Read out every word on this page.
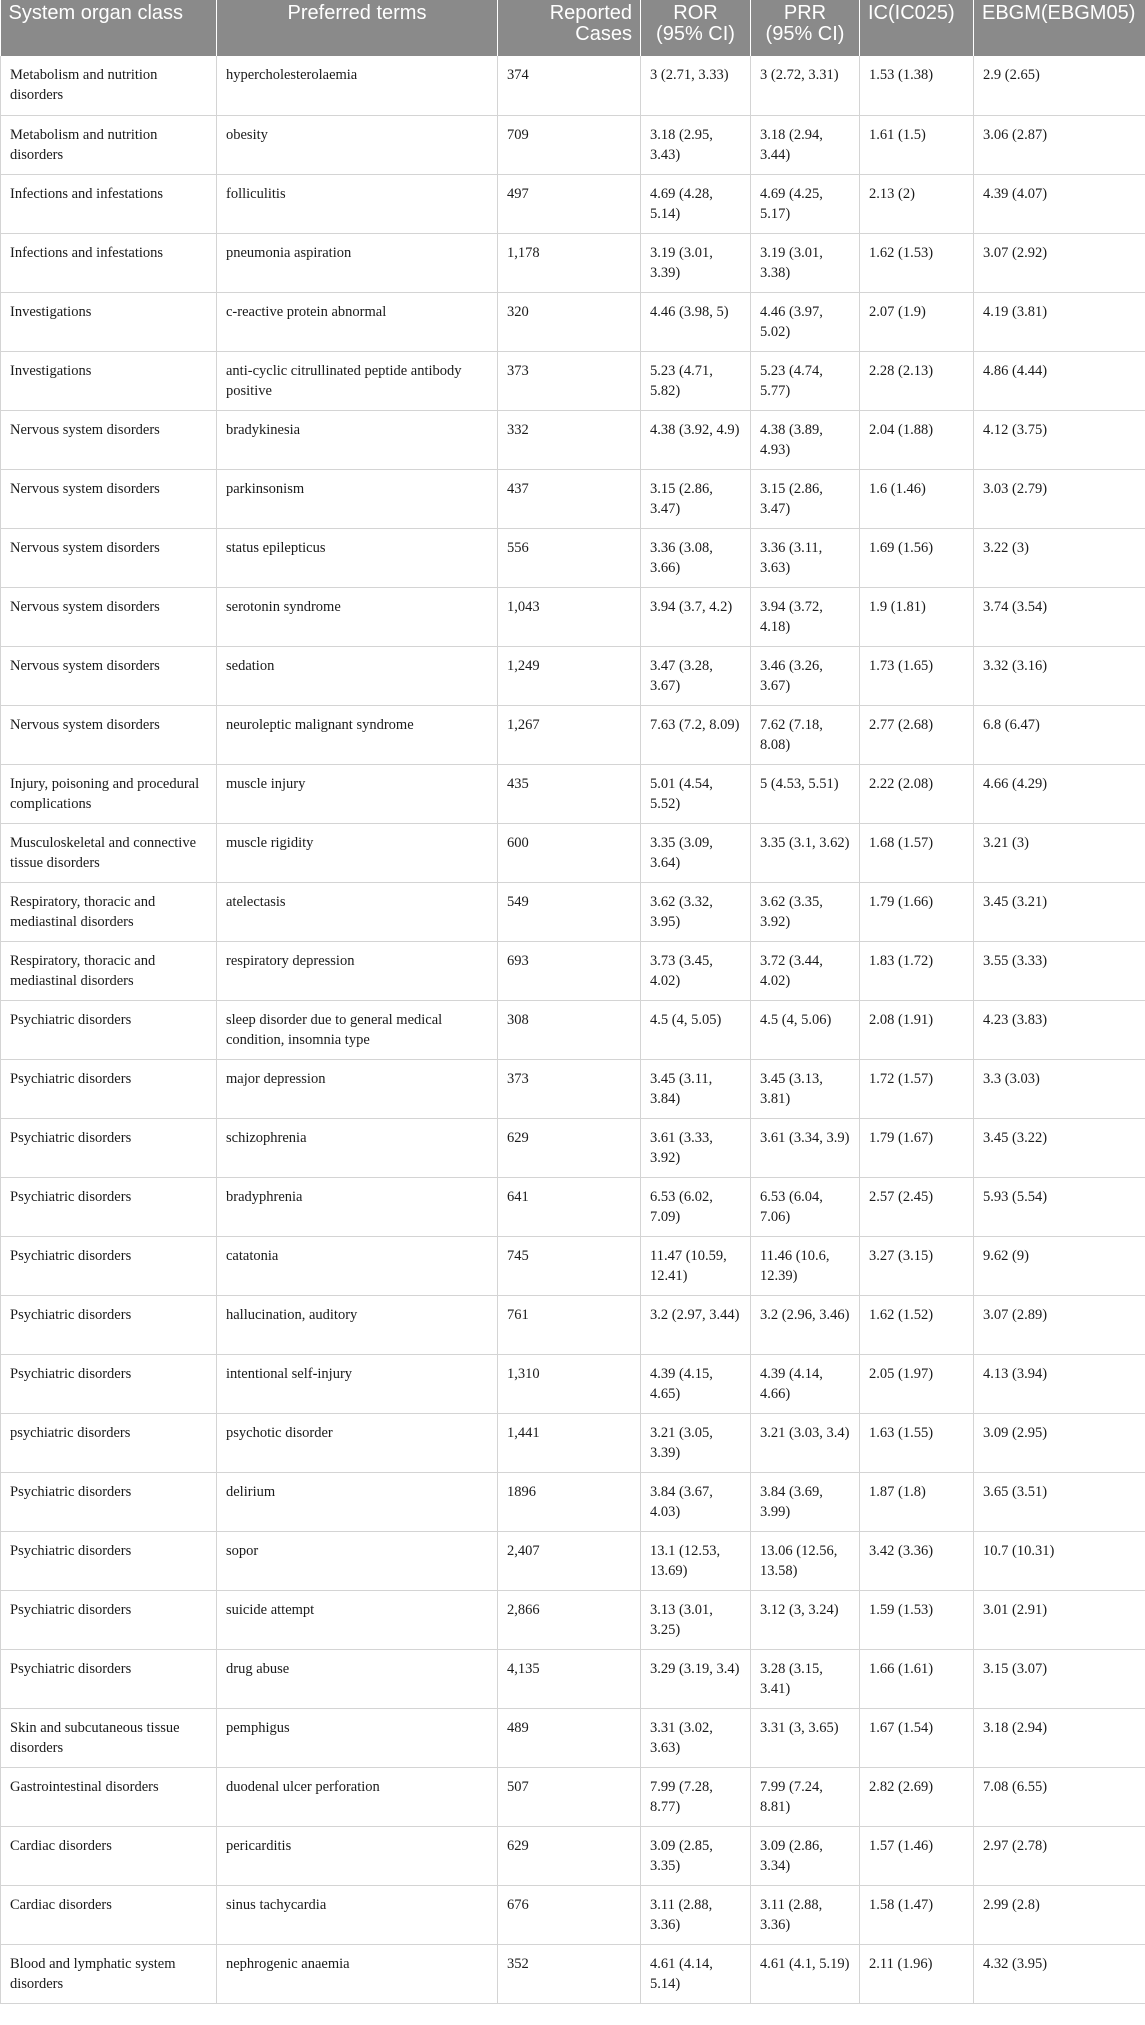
System organ class	Preferred terms	Reported Cases	ROR (95% CI)	PRR (95% CI)	IC(IC025)	EBGM(EBGM05)
Metabolism and nutrition disorders	hypercholesterolaemia	374	3 (2.71, 3.33)	3 (2.72, 3.31)	1.53 (1.38)	2.9 (2.65)
Metabolism and nutrition disorders	obesity	709	3.18 (2.95, 3.43)	3.18 (2.94, 3.44)	1.61 (1.5)	3.06 (2.87)
Infections and infestations	folliculitis	497	4.69 (4.28, 5.14)	4.69 (4.25, 5.17)	2.13 (2)	4.39 (4.07)
Infections and infestations	pneumonia aspiration	1,178	3.19 (3.01, 3.39)	3.19 (3.01, 3.38)	1.62 (1.53)	3.07 (2.92)
Investigations	c-reactive protein abnormal	320	4.46 (3.98, 5)	4.46 (3.97, 5.02)	2.07 (1.9)	4.19 (3.81)
Investigations	anti-cyclic citrullinated peptide antibody positive	373	5.23 (4.71, 5.82)	5.23 (4.74, 5.77)	2.28 (2.13)	4.86 (4.44)
Nervous system disorders	bradykinesia	332	4.38 (3.92, 4.9)	4.38 (3.89, 4.93)	2.04 (1.88)	4.12 (3.75)
Nervous system disorders	parkinsonism	437	3.15 (2.86, 3.47)	3.15 (2.86, 3.47)	1.6 (1.46)	3.03 (2.79)
Nervous system disorders	status epilepticus	556	3.36 (3.08, 3.66)	3.36 (3.11, 3.63)	1.69 (1.56)	3.22 (3)
Nervous system disorders	serotonin syndrome	1,043	3.94 (3.7, 4.2)	3.94 (3.72, 4.18)	1.9 (1.81)	3.74 (3.54)
Nervous system disorders	sedation	1,249	3.47 (3.28, 3.67)	3.46 (3.26, 3.67)	1.73 (1.65)	3.32 (3.16)
Nervous system disorders	neuroleptic malignant syndrome	1,267	7.63 (7.2, 8.09)	7.62 (7.18, 8.08)	2.77 (2.68)	6.8 (6.47)
Injury, poisoning and procedural complications	muscle injury	435	5.01 (4.54, 5.52)	5 (4.53, 5.51)	2.22 (2.08)	4.66 (4.29)
Musculoskeletal and connective tissue disorders	muscle rigidity	600	3.35 (3.09, 3.64)	3.35 (3.1, 3.62)	1.68 (1.57)	3.21 (3)
Respiratory, thoracic and mediastinal disorders	atelectasis	549	3.62 (3.32, 3.95)	3.62 (3.35, 3.92)	1.79 (1.66)	3.45 (3.21)
Respiratory, thoracic and mediastinal disorders	respiratory depression	693	3.73 (3.45, 4.02)	3.72 (3.44, 4.02)	1.83 (1.72)	3.55 (3.33)
Psychiatric disorders	sleep disorder due to general medical condition, insomnia type	308	4.5 (4, 5.05)	4.5 (4, 5.06)	2.08 (1.91)	4.23 (3.83)
Psychiatric disorders	major depression	373	3.45 (3.11, 3.84)	3.45 (3.13, 3.81)	1.72 (1.57)	3.3 (3.03)
Psychiatric disorders	schizophrenia	629	3.61 (3.33, 3.92)	3.61 (3.34, 3.9)	1.79 (1.67)	3.45 (3.22)
Psychiatric disorders	bradyphrenia	641	6.53 (6.02, 7.09)	6.53 (6.04, 7.06)	2.57 (2.45)	5.93 (5.54)
Psychiatric disorders	catatonia	745	11.47 (10.59, 12.41)	11.46 (10.6, 12.39)	3.27 (3.15)	9.62 (9)
Psychiatric disorders	hallucination, auditory	761	3.2 (2.97, 3.44)	3.2 (2.96, 3.46)	1.62 (1.52)	3.07 (2.89)
Psychiatric disorders	intentional self-injury	1,310	4.39 (4.15, 4.65)	4.39 (4.14, 4.66)	2.05 (1.97)	4.13 (3.94)
psychiatric disorders	psychotic disorder	1,441	3.21 (3.05, 3.39)	3.21 (3.03, 3.4)	1.63 (1.55)	3.09 (2.95)
Psychiatric disorders	delirium	1896	3.84 (3.67, 4.03)	3.84 (3.69, 3.99)	1.87 (1.8)	3.65 (3.51)
Psychiatric disorders	sopor	2,407	13.1 (12.53, 13.69)	13.06 (12.56, 13.58)	3.42 (3.36)	10.7 (10.31)
Psychiatric disorders	suicide attempt	2,866	3.13 (3.01, 3.25)	3.12 (3, 3.24)	1.59 (1.53)	3.01 (2.91)
Psychiatric disorders	drug abuse	4,135	3.29 (3.19, 3.4)	3.28 (3.15, 3.41)	1.66 (1.61)	3.15 (3.07)
Skin and subcutaneous tissue disorders	pemphigus	489	3.31 (3.02, 3.63)	3.31 (3, 3.65)	1.67 (1.54)	3.18 (2.94)
Gastrointestinal disorders	duodenal ulcer perforation	507	7.99 (7.28, 8.77)	7.99 (7.24, 8.81)	2.82 (2.69)	7.08 (6.55)
Cardiac disorders	pericarditis	629	3.09 (2.85, 3.35)	3.09 (2.86, 3.34)	1.57 (1.46)	2.97 (2.78)
Cardiac disorders	sinus tachycardia	676	3.11 (2.88, 3.36)	3.11 (2.88, 3.36)	1.58 (1.47)	2.99 (2.8)
Blood and lymphatic system disorders	nephrogenic anaemia	352	4.61 (4.14, 5.14)	4.61 (4.1, 5.19)	2.11 (1.96)	4.32 (3.95)
